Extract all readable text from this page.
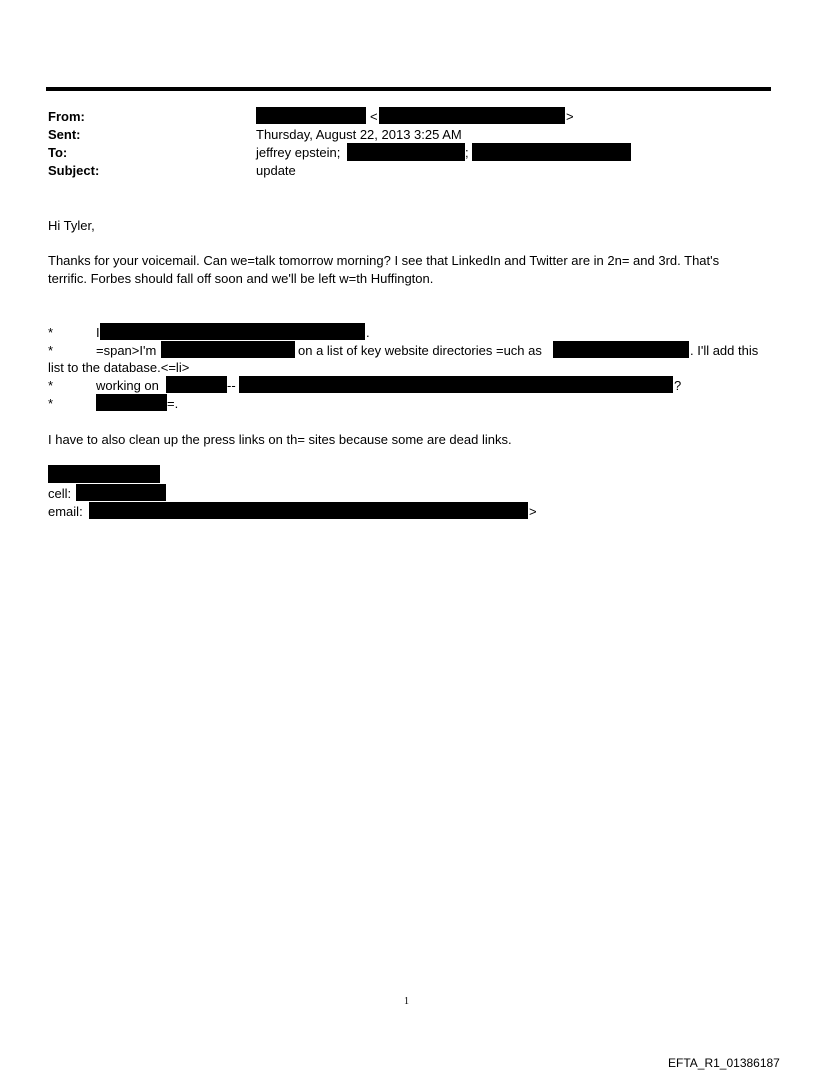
From:	<	>
Sent:	Thursday, August 22, 2013 3:25 AM
To:	jeffrey epstein;	;
Subject:	update
Hi Tyler,
Thanks for your voicemail. Can we=talk tomorrow morning? I see that LinkedIn and Twitter are in 2n= and 3rd. That's
terrific. Forbes should fall off soon and we'll be left w=th Huffington.
*	I	.
*	=span>I'm	on a list of key website directories =uch as	. I'll add this
list to the database.<=li>
*	working on	--	?
*	=.
I have to also clean up the press links on th= sites because some are dead links.
cell:
email:	>
1
EFTA_R1_01386187
